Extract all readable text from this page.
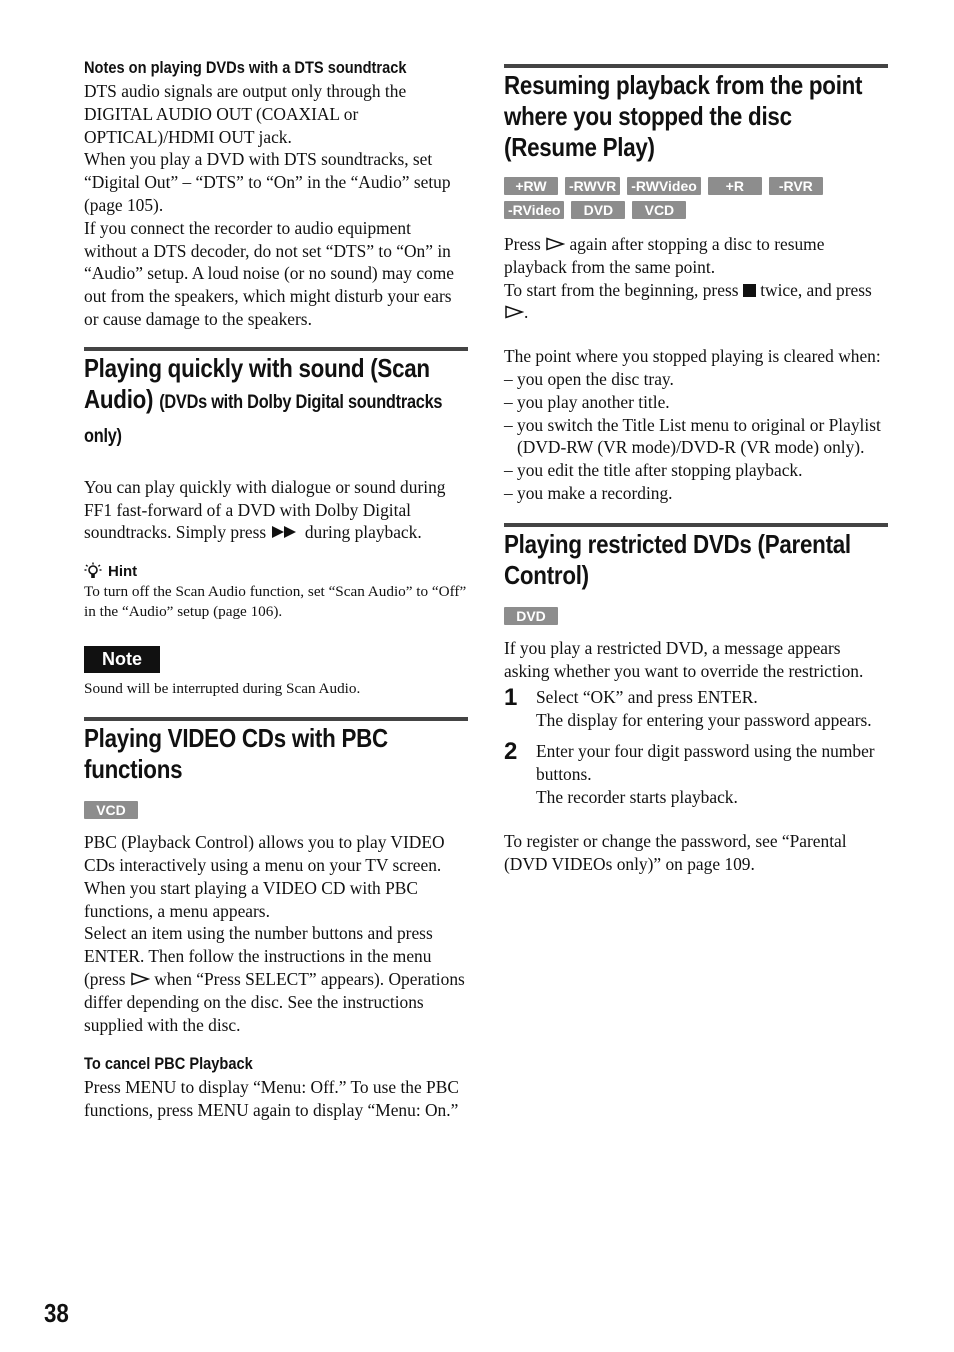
Notes on playing DVDs with a DTS soundtrack

DTS audio signals are output only through the DIGITAL AUDIO OUT (COAXIAL or OPTICAL)/HDMI OUT jack.

When you play a DVD with DTS soundtracks, set “Digital Out” – “DTS” to “On” in the “Audio” setup (page 105).

If you connect the recorder to audio equipment without a DTS decoder, do not set “DTS” to “On” in “Audio” setup. A loud noise (or no sound) may come out from the speakers, which might disturb your ears or cause damage to the speakers.

Playing quickly with sound (Scan Audio) (DVDs with Dolby Digital soundtracks only)

You can play quickly with dialogue or sound during FF1 fast-forward of a DVD with Dolby Digital soundtracks. Simply press during playback.

Hint

To turn off the Scan Audio function, set “Scan Audio” to “Off” in the “Audio” setup (page 106).

Note

Sound will be interrupted during Scan Audio.

Playing VIDEO CDs with PBC functions
VCD

PBC (Playback Control) allows you to play VIDEO CDs interactively using a menu on your TV screen.

When you start playing a VIDEO CD with PBC functions, a menu appears.

Select an item using the number buttons and press ENTER. Then follow the instructions in the menu (press when “Press SELECT” appears). Operations differ depending on the disc. See the instructions supplied with the disc.

To cancel PBC Playback

Press MENU to display “Menu: Off.” To use the PBC functions, press MENU again to display “Menu: On.”

Resuming playback from the point where you stopped the disc (Resume Play)
+RW	-RWVR -RWVideo	+R	-RVR
-RVideo	DVD	VCD

Press again after stopping a disc to resume playback from the same point.

To start from the beginning, press twice, and press .

The point where you stopped playing is cleared when:

– you open the disc tray.
– you play another title.
– you switch the Title List menu to original or Playlist (DVD-RW (VR mode)/DVD-R (VR mode) only).
– you edit the title after stopping playback.
– you make a recording.
Playing restricted DVDs (Parental Control)
DVD

If you play a restricted DVD, a message appears asking whether you want to override the restriction.

1	Select “OK” and press ENTER.

The display for entering your password appears.

2	Enter your four digit password using the number buttons.

The recorder starts playback.

To register or change the password, see “Parental (DVD VIDEOs only)” on page 109.

38
